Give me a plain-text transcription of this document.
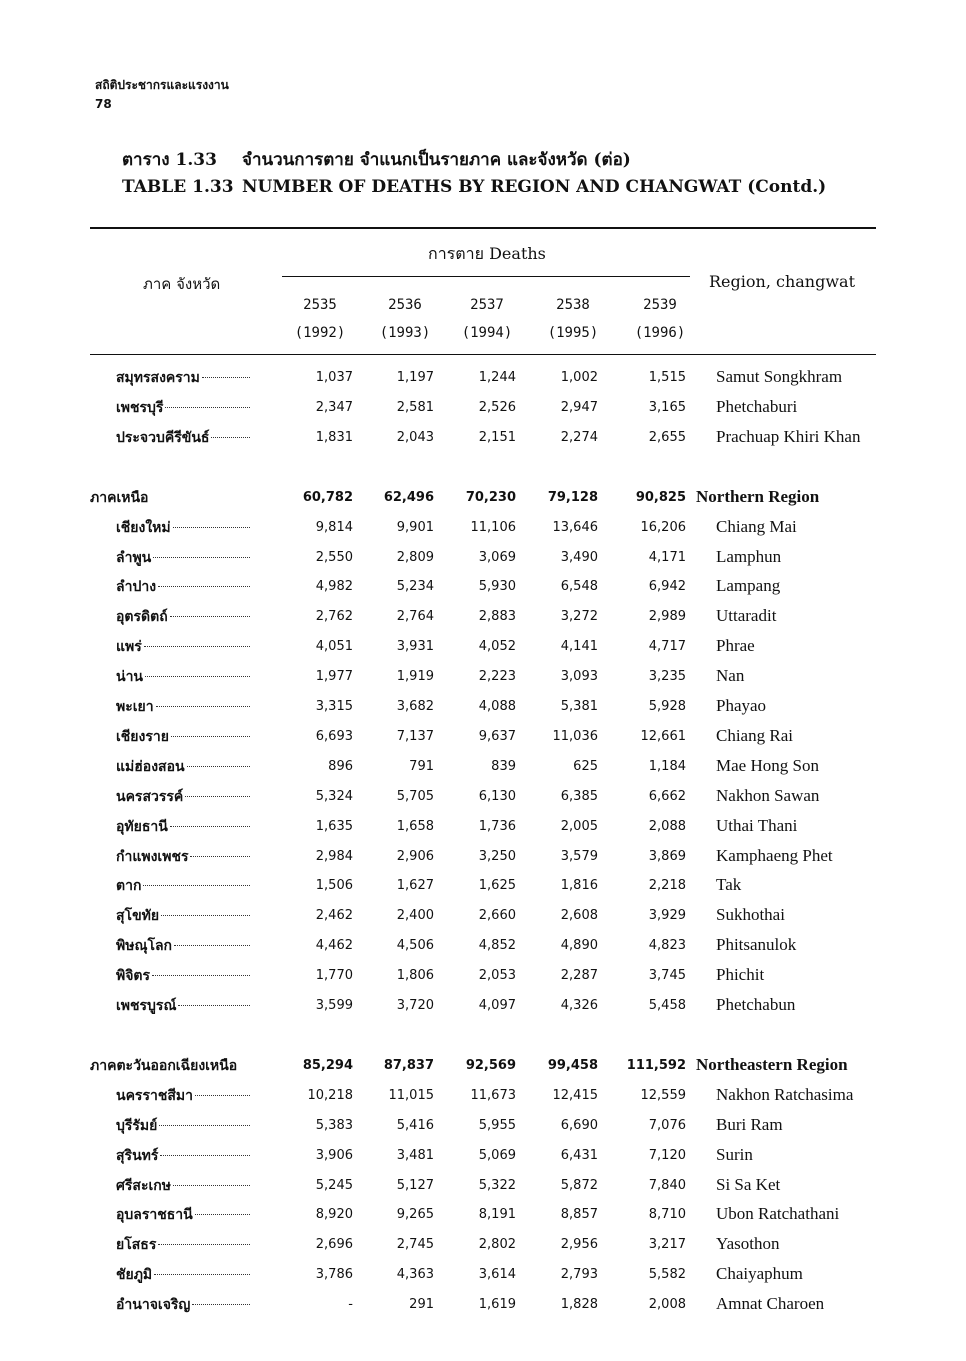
สถิติประชากรและแรงงาน
78
ตาราง 1.33 จำนวนการตาย จำแนกเป็นรายภาค และจังหวัด (ต่อ)
TABLE 1.33 NUMBER OF DEATHS BY REGION AND CHANGWAT (Contd.)
การตาย Deaths
ภาค จังหวัด	Region, changwat
2535
(1992)
2536
(1993)
2537
(1994)
2538
(1995)
2539
(1996)
สมุทรสงคราม	1,037	1,197	1,244	1,002	1,515 Samut Songkhram
เพชรบุรี	2,347	2,581	2,526	2,947	3,165 Phetchaburi
ประจวบคีรีขันธ์	1,831	2,043	2,151	2,274	2,655 Prachuap Khiri Khan
ภาคเหนือ	60,782	62,496	70,230	79,128	90,825 Northern Region
เชียงใหม่	9,814	9,901	11,106	13,646	16,206 Chiang Mai
ลำพูน	2,550	2,809	3,069	3,490	4,171 Lamphun
ลำปาง	4,982	5,234	5,930	6,548	6,942 Lampang
อุตรดิตถ์	2,762	2,764	2,883	3,272	2,989 Uttaradit
แพร่	4,051	3,931	4,052	4,141	4,717 Phrae
น่าน	1,977	1,919	2,223	3,093	3,235 Nan
พะเยา	3,315	3,682	4,088	5,381	5,928 Phayao
เชียงราย	6,693	7,137	9,637	11,036	12,661 Chiang Rai
แม่ฮ่องสอน	896	791	839	625	1,184 Mae Hong Son
นครสวรรค์	5,324	5,705	6,130	6,385	6,662 Nakhon Sawan
อุทัยธานี	1,635	1,658	1,736	2,005	2,088 Uthai Thani
กำแพงเพชร	2,984	2,906	3,250	3,579	3,869 Kamphaeng Phet
ตาก	1,506	1,627	1,625	1,816	2,218 Tak
สุโขทัย	2,462	2,400	2,660	2,608	3,929 Sukhothai
พิษณุโลก	4,462	4,506	4,852	4,890	4,823 Phitsanulok
พิจิตร	1,770	1,806	2,053	2,287	3,745 Phichit
เพชรบูรณ์	3,599	3,720	4,097	4,326	5,458 Phetchabun
ภาคตะวันออกเฉียงเหนือ	85,294	87,837	92,569	99,458	111,592 Northeastern Region
นครราชสีมา	10,218	11,015	11,673	12,415	12,559 Nakhon Ratchasima
บุรีรัมย์	5,383	5,416	5,955	6,690	7,076 Buri Ram
สุรินทร์	3,906	3,481	5,069	6,431	7,120 Surin
ศรีสะเกษ	5,245	5,127	5,322	5,872	7,840 Si Sa Ket
อุบลราชธานี	8,920	9,265	8,191	8,857	8,710 Ubon Ratchathani
ยโสธร	2,696	2,745	2,802	2,956	3,217 Yasothon
ชัยภูมิ	3,786	4,363	3,614	2,793	5,582 Chaiyaphum
อำนาจเจริญ	-	291	1,619	1,828	2,008 Amnat Charoen
